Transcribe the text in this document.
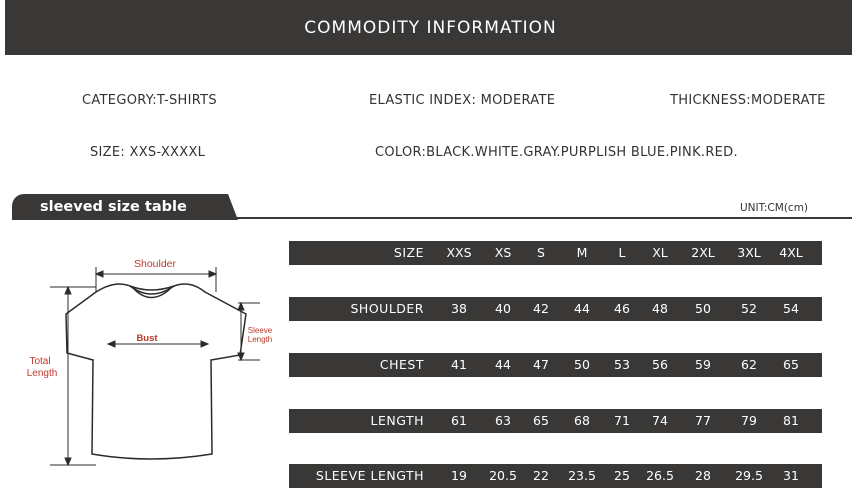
COMMODITY INFORMATION
CATEGORY:T-SHIRTS	ELASTIC INDEX: MODERATE	THICKNESS:MODERATE
SIZE: XXS-XXXXL	COLOR:BLACK.WHITE.GRAY.PURPLISH BLUE.PINK.RED.
sleeved size table	UNIT:CM(cm)
Shoulder
Bust
Sleeve
Length
Total
Length
SIZE	XXS	XS	S	M	L	XL	2XL	3XL	4XL
SHOULDER	38	40	42	44	46	48	50	52	54
CHEST	41	44	47	50	53	56	59	62	65
LENGTH	61	63	65	68	71	74	77	79	81
SLEEVE LENGTH	19	20.5	22	23.5	25	26.5	28	29.5	31
